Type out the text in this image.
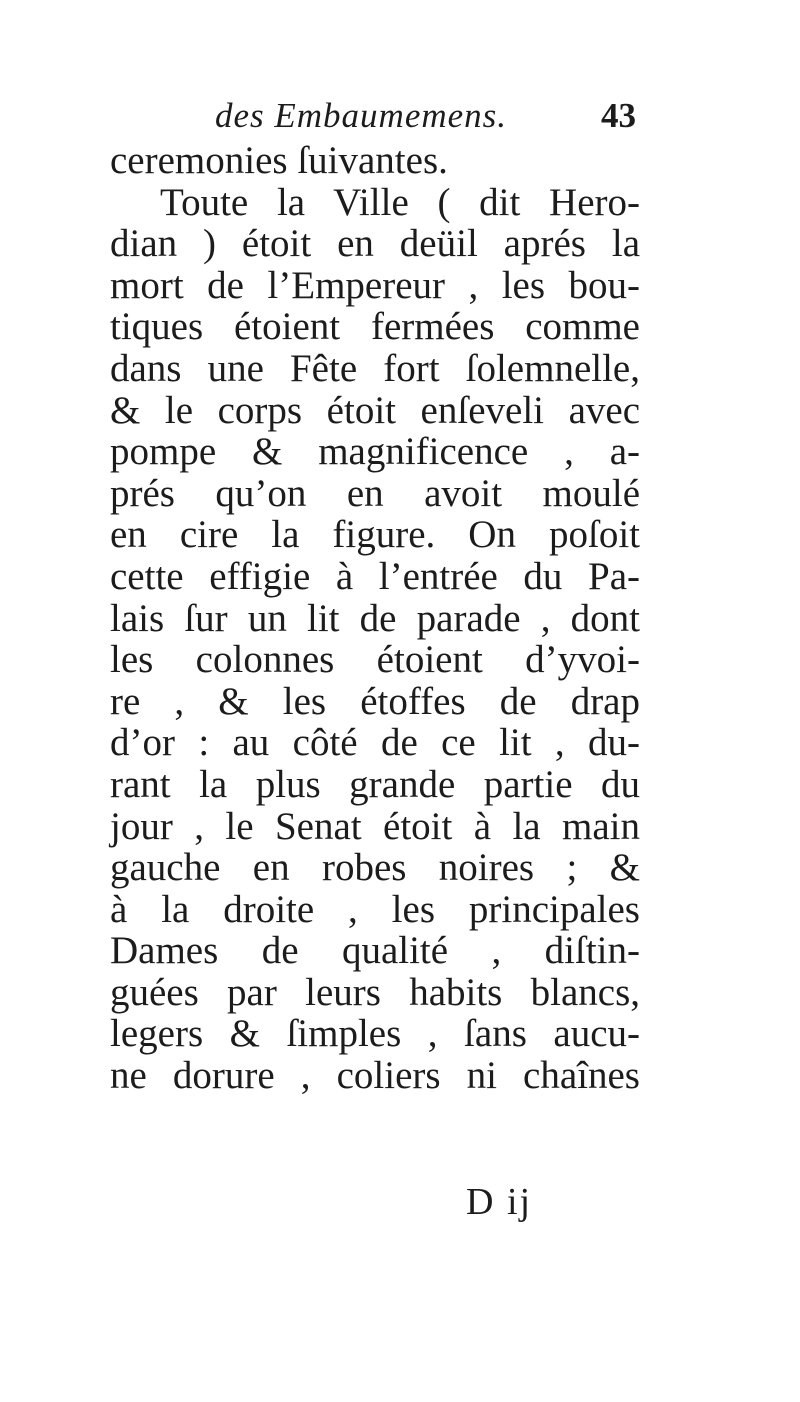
des Embaumemens.	43
ceremonies ſuivantes.
Toute la Ville ( dit Hero-
dian ) étoit en deüil aprés la
mort de l’Empereur , les bou-
tiques étoient fermées comme
dans une Fête fort ſolemnelle,
& le corps étoit enſeveli avec
pompe & magnificence , a-
prés qu’on en avoit moulé
en cire la figure. On poſoit
cette effigie à l’entrée du Pa-
lais ſur un lit de parade , dont
les colonnes étoient d’yvoi-
re , & les étoffes de drap
d’or : au côté de ce lit , du-
rant la plus grande partie du
jour , le Senat étoit à la main
gauche en robes noires ; &
à la droite , les principales
Dames de qualité , diſtin-
guées par leurs habits blancs,
legers & ſimples , ſans aucu-
ne dorure , coliers ni chaînes
D ij
